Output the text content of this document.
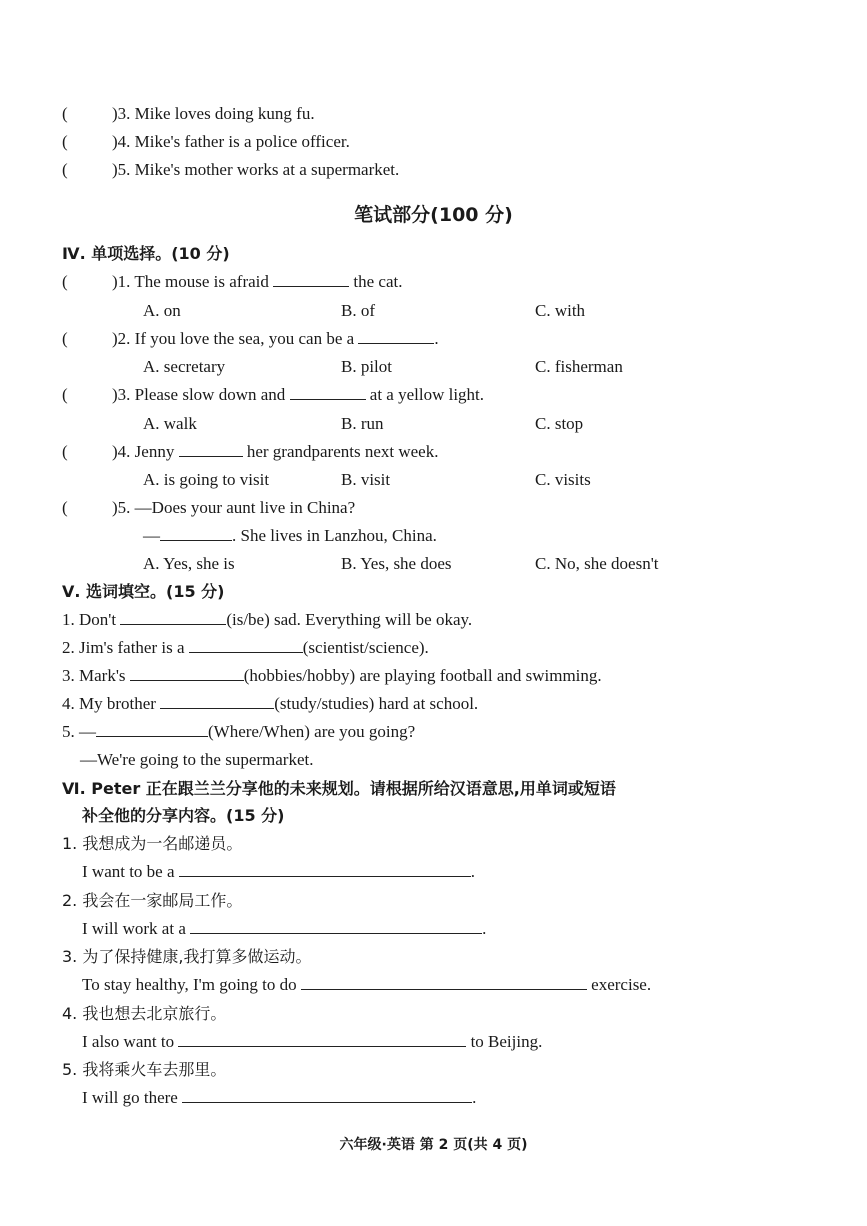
(	)3. Mike loves doing kung fu.
(	)4. Mike's father is a police officer.
(	)5. Mike's mother works at a supermarket.
笔试部分(100 分)
Ⅳ. 单项选择。(10 分)
(	)1. The mouse is afraid	the cat.
A. on	B. of	C. with
(	)2. If you love the sea, you can be a	.
A. secretary	B. pilot	C. fisherman
(	)3. Please slow down and	at a yellow light.
A. walk	B. run	C. stop
(	)4. Jenny	her grandparents next week.
A. is going to visit	B. visit	C. visits
(	)5. —Does your aunt live in China?
—	. She lives in Lanzhou, China.
A. Yes, she is	B. Yes, she does	C. No, she doesn't
Ⅴ. 选词填空。(15 分)
1. Don't	(is/be) sad. Everything will be okay.
2. Jim's father is a	(scientist/science).
3. Mark's	(hobbies/hobby) are playing football and swimming.
4. My brother	(study/studies) hard at school.
5. —	(Where/When) are you going?
—We're going to the supermarket.
Ⅵ. Peter 正在跟兰兰分享他的未来规划。请根据所给汉语意思,用单词或短语
补全他的分享内容。(15 分)
1. 我想成为一名邮递员。
I want to be a	.
2. 我会在一家邮局工作。
I will work at a	.
3. 为了保持健康,我打算多做运动。
To stay healthy, I'm going to do	exercise.
4. 我也想去北京旅行。
I also want to	to Beijing.
5. 我将乘火车去那里。
I will go there	.
六年级·英语 第 2 页(共 4 页)
